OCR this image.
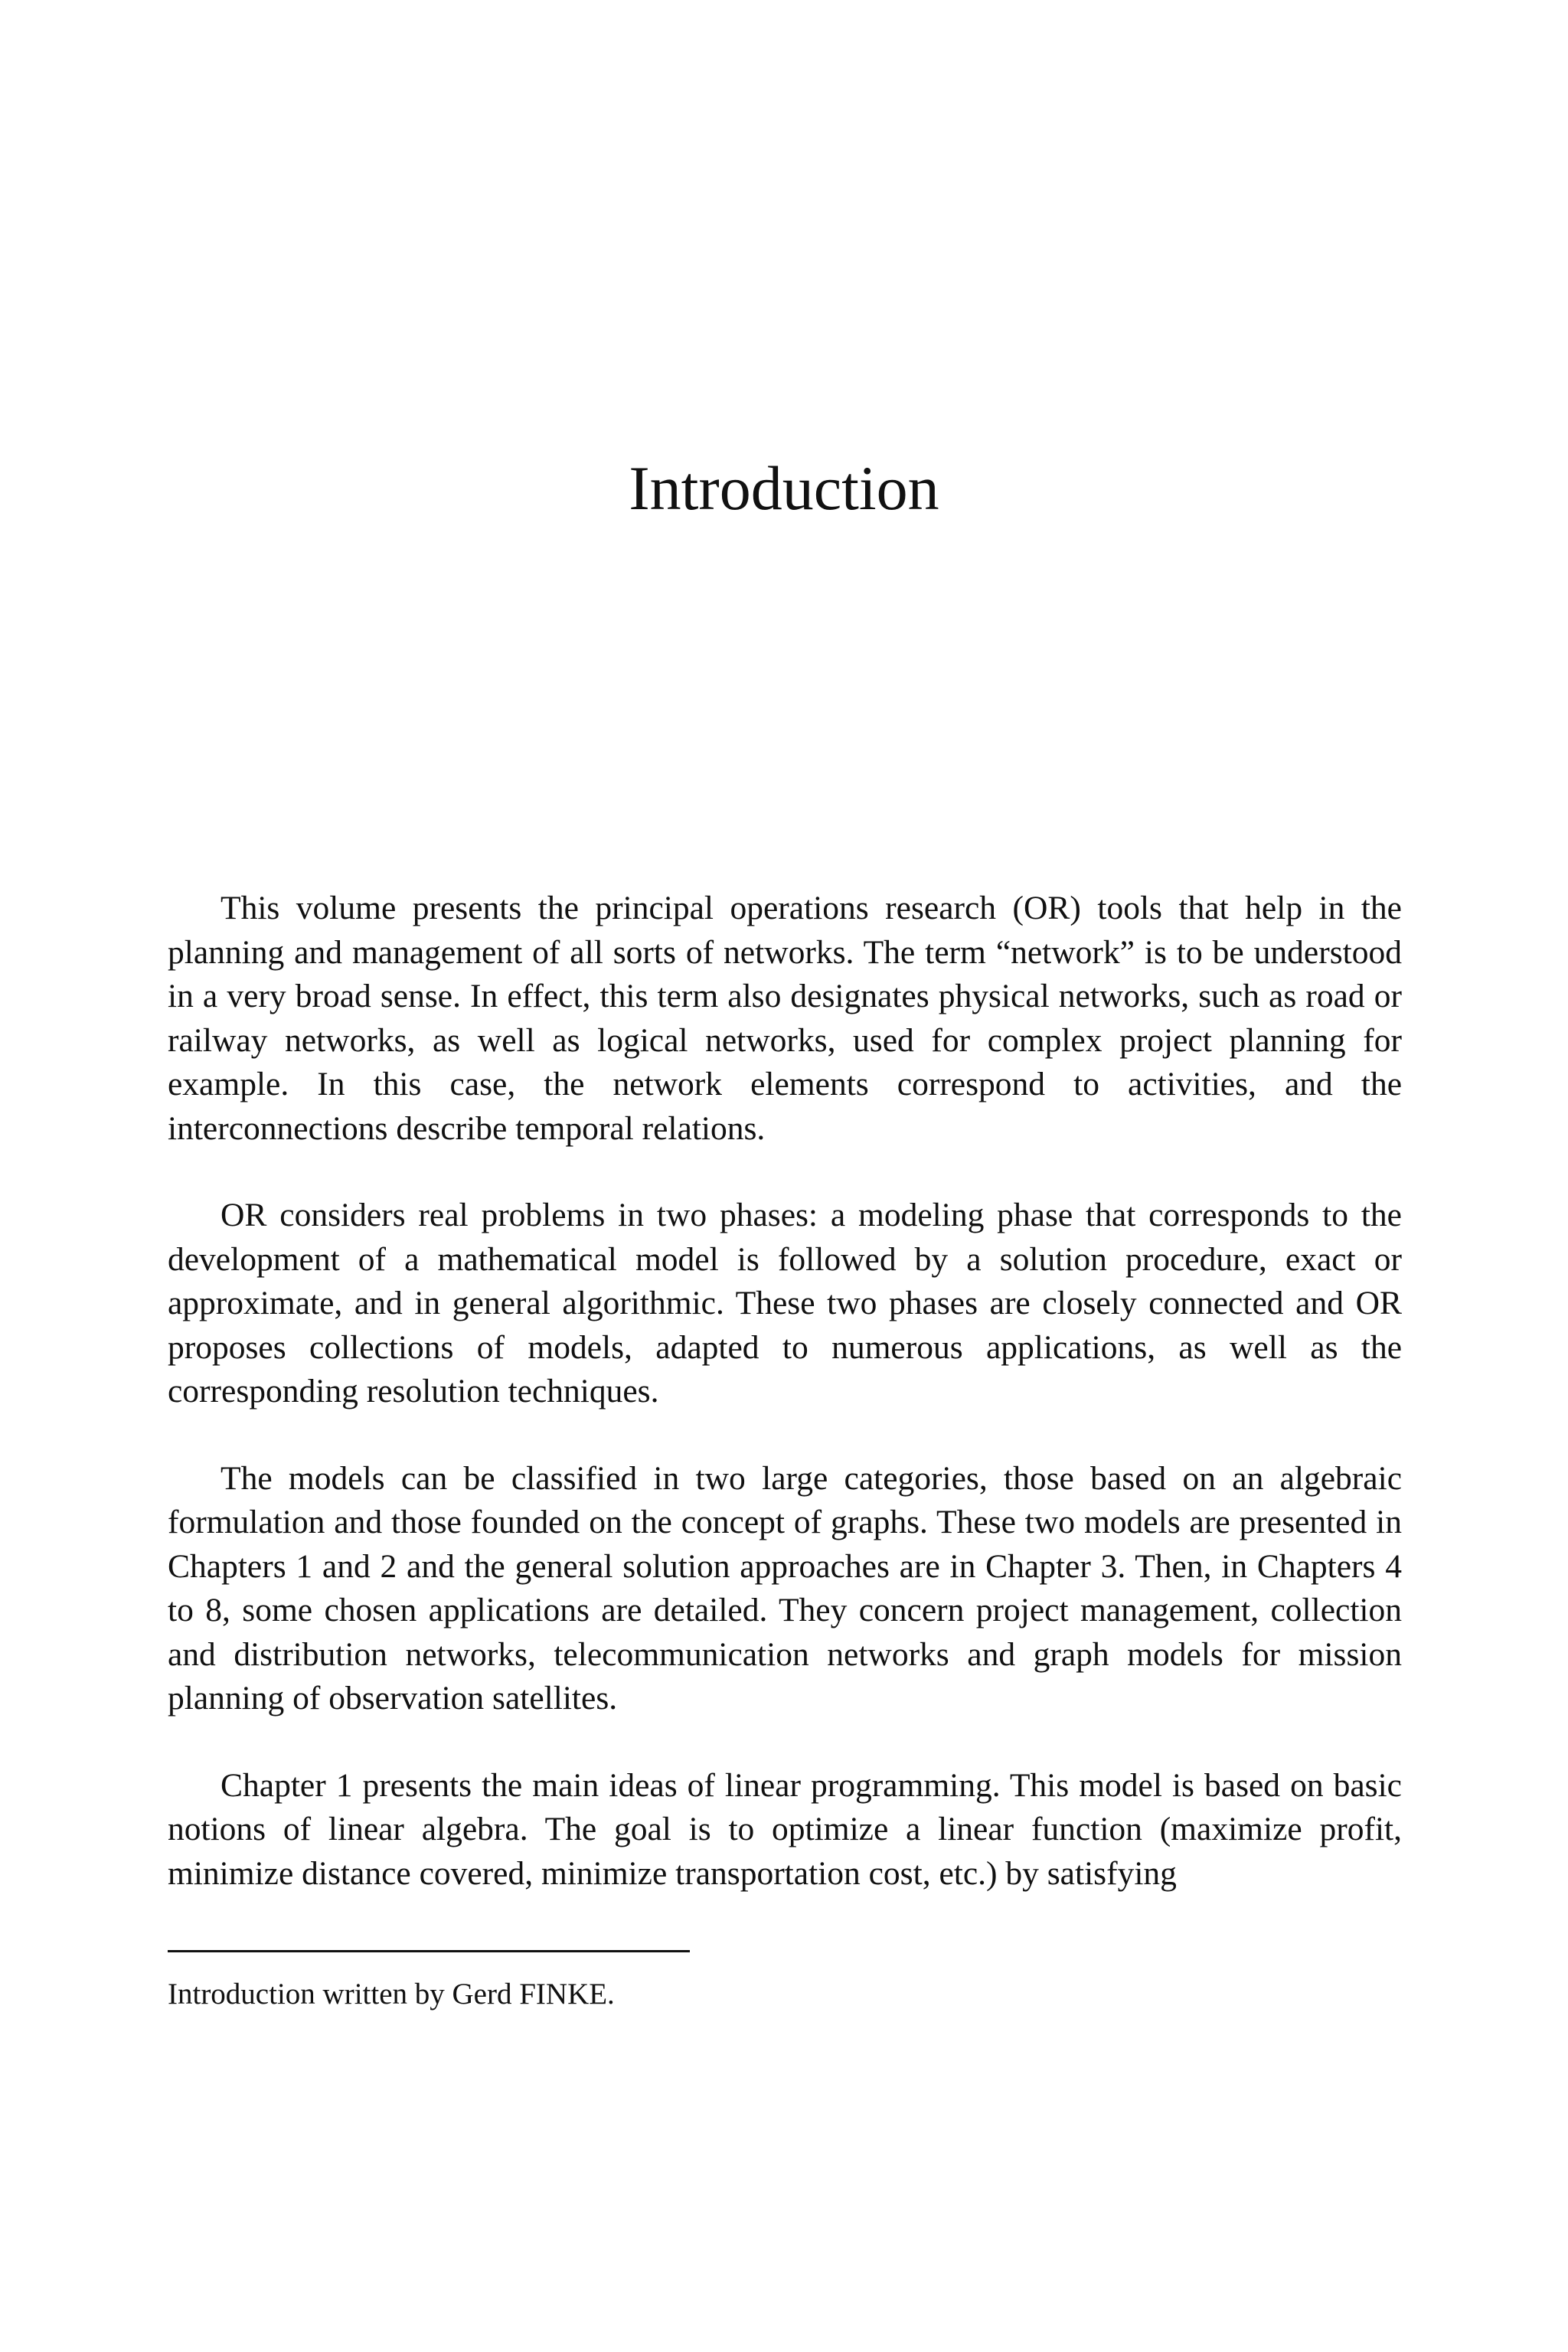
Introduction

This volume presents the principal operations research (OR) tools that help in the planning and management of all sorts of networks. The term “network” is to be understood in a very broad sense. In effect, this term also designates physical networks, such as road or railway networks, as well as logical networks, used for complex project planning for example. In this case, the network elements correspond to activities, and the interconnections describe temporal relations.

OR considers real problems in two phases: a modeling phase that corresponds to the development of a mathematical model is followed by a solution procedure, exact or approximate, and in general algorithmic. These two phases are closely connected and OR proposes collections of models, adapted to numerous applications, as well as the corresponding resolution techniques.

The models can be classified in two large categories, those based on an algebraic formulation and those founded on the concept of graphs. These two models are presented in Chapters 1 and 2 and the general solution approaches are in Chapter 3. Then, in Chapters 4 to 8, some chosen applications are detailed. They concern project management, collection and distribution networks, telecommunication networks and graph models for mission planning of observation satellites.

Chapter 1 presents the main ideas of linear programming. This model is based on basic notions of linear algebra. The goal is to optimize a linear function (maximize profit, minimize distance covered, minimize transportation cost, etc.) by satisfying

Introduction written by Gerd FINKE.
